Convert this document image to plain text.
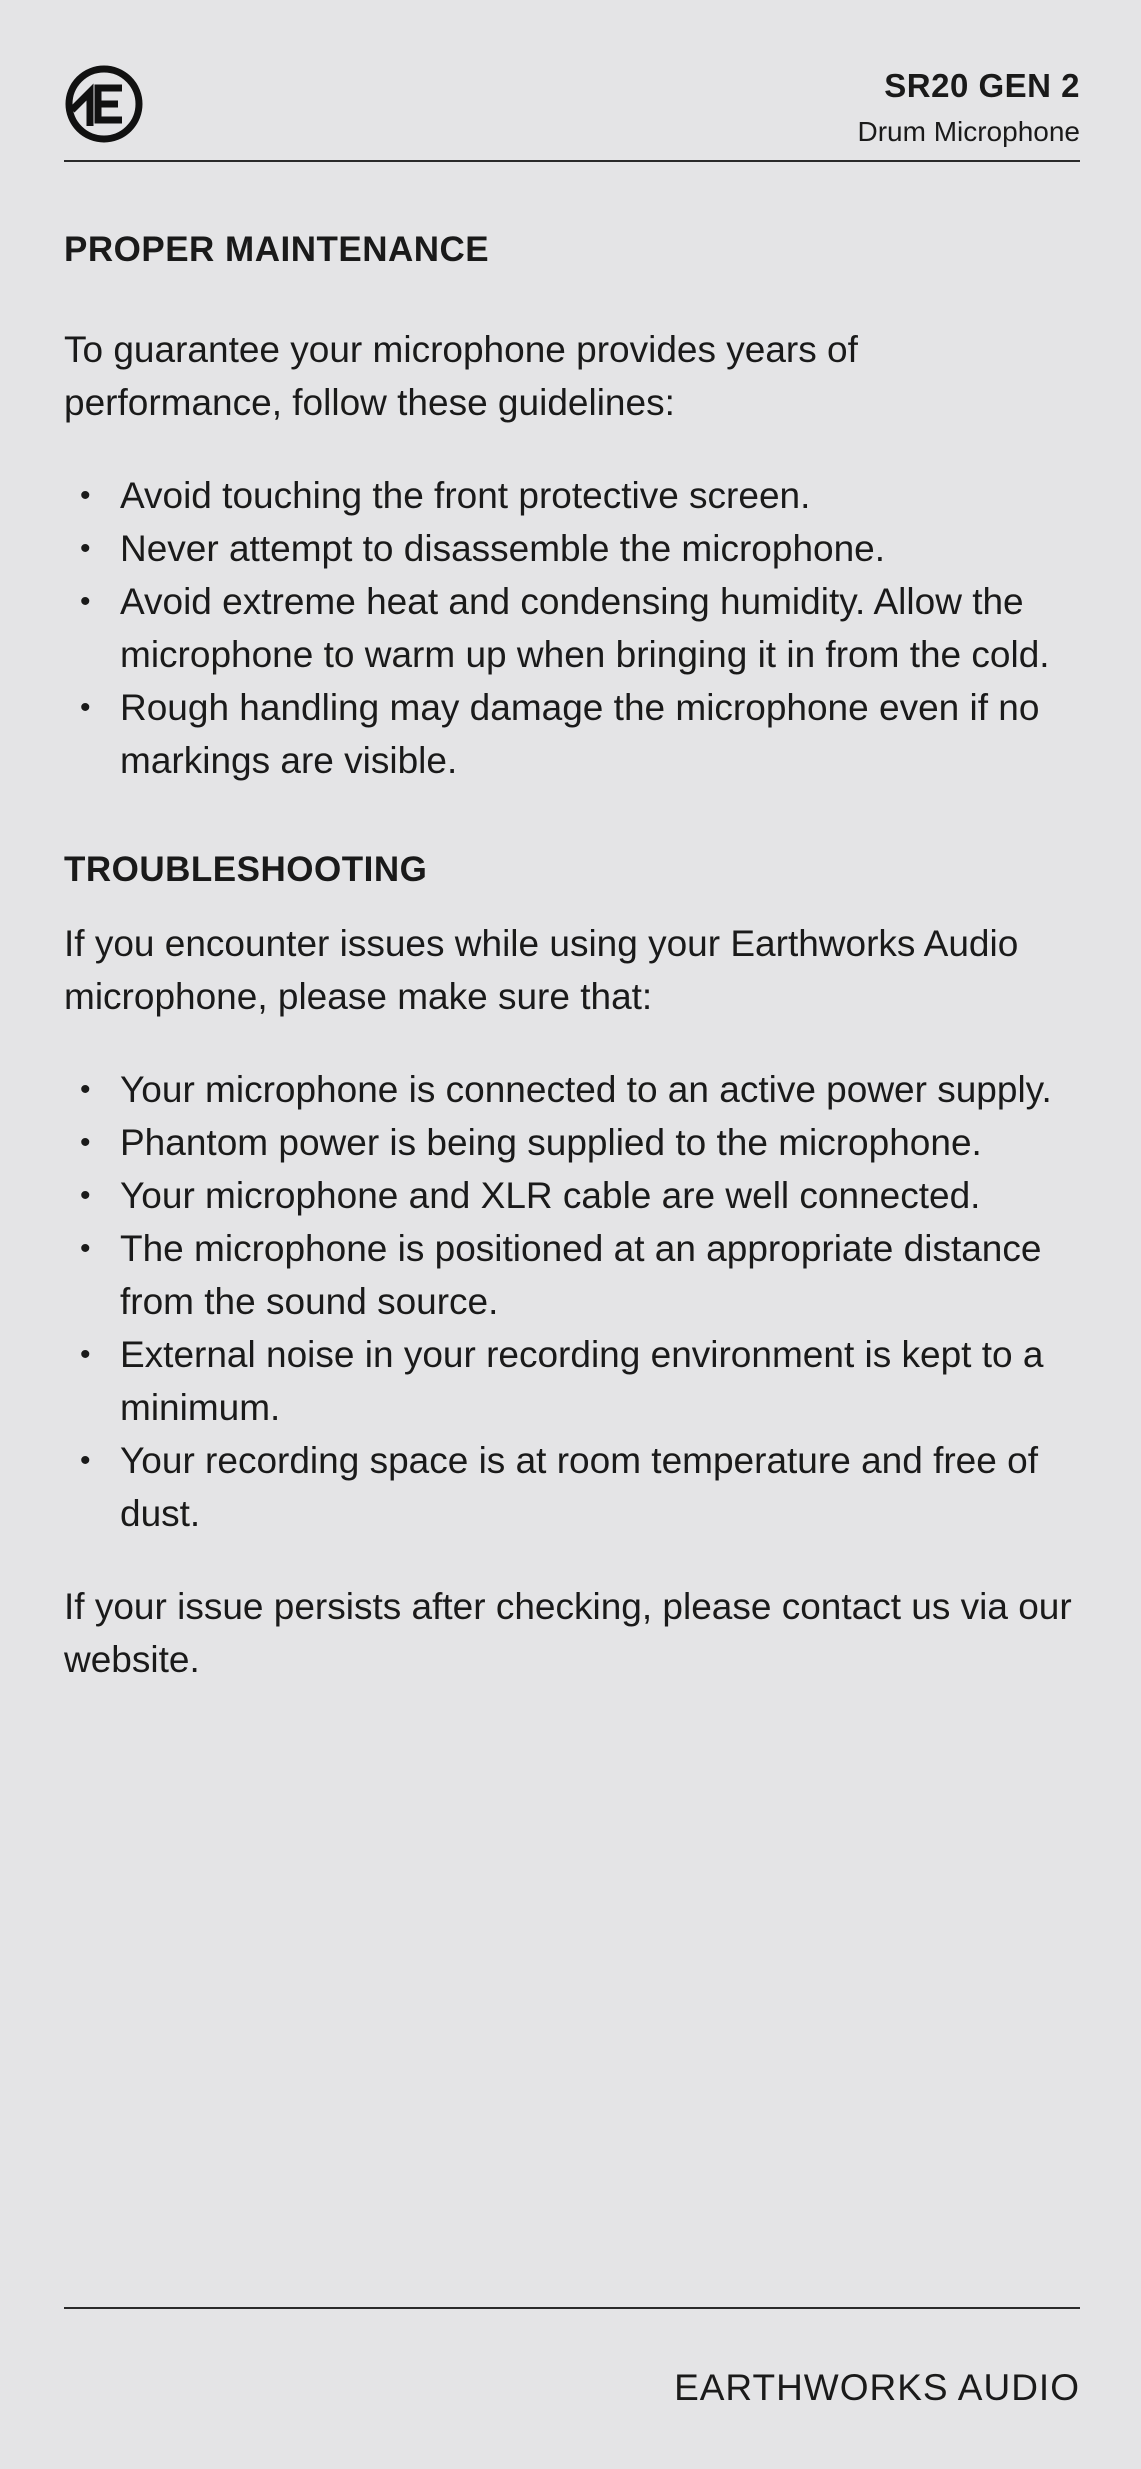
SR20 GEN 2
Drum Microphone
PROPER MAINTENANCE

To guarantee your microphone provides years of performance, follow these guidelines:

• Avoid touching the front protective screen.
• Never attempt to disassemble the microphone.
• Avoid extreme heat and condensing humidity. Allow the microphone to warm up when bringing it in from the cold.
• Rough handling may damage the microphone even if no markings are visible.
TROUBLESHOOTING

If you encounter issues while using your Earthworks Audio microphone, please make sure that:

• Your microphone is connected to an active power supply.
• Phantom power is being supplied to the microphone.
• Your microphone and XLR cable are well connected.
• The microphone is positioned at an appropriate distance from the sound source.
• External noise in your recording environment is kept to a minimum.
• Your recording space is at room temperature and free of dust.

If your issue persists after checking, please contact us via our website.

EARTHWORKS AUDIO
